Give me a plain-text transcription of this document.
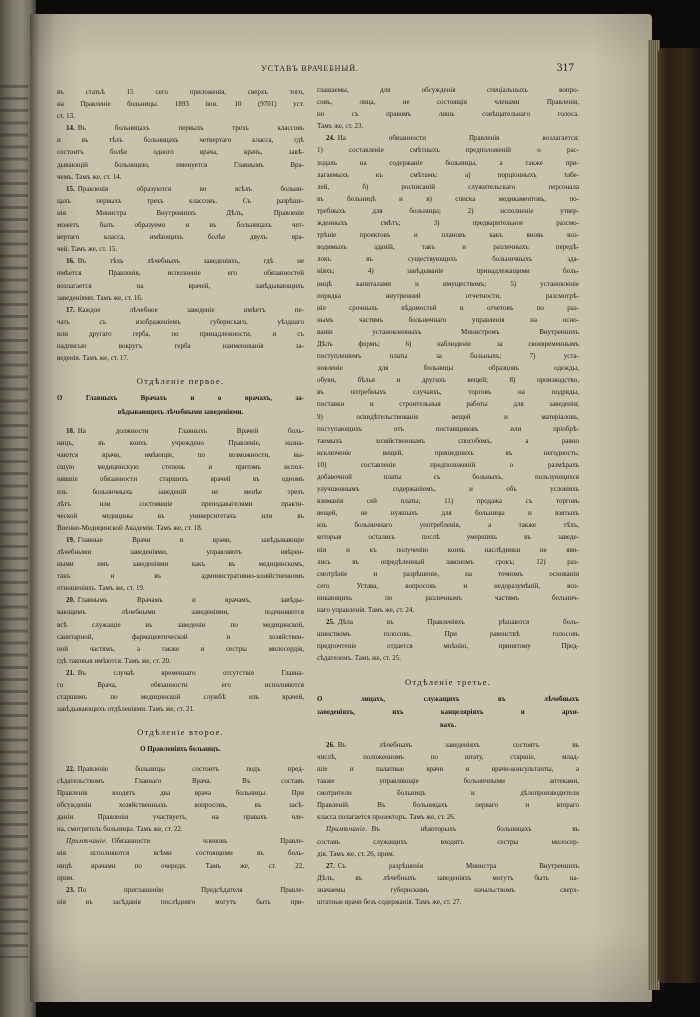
УСТАВЪ ВРАЧЕБНЫЙ.	317
въ статьѣ 15 сего приложенія, сверхъ того,
на Правленіе больницы. 1893 іюн. 10 (9701) уст.
ст. 13.
14. Въ больницахъ первыхъ трехъ классовъ
и въ тѣхъ больницахъ четвертаго класса, гдѣ
состоитъ болѣе одного врача, врачъ, завѣ-
дывающій больницею, именуется Главнымъ Вра-
чемъ. Тамъ же, ст. 14.
15. Правленія образуются во всѣхъ больни-
цахъ первыхъ трехъ классовъ. Съ разрѣше-
нія Министра Внутреннихъ Дѣлъ, Правленіе
можетъ быть образуемо и въ больницахъ чет-
вертаго класса, имѣющихъ болѣе двухъ вра-
чей. Тамъ же, ст. 15.
16. Въ тѣхъ лѣчебныхъ заведеніяхъ, гдѣ не
имѣется Правленія, исполненіе его обязанностей
возлагается на врачей, завѣдывающихъ
заведеніями. Тамъ же, ст. 16.
17. Каждое лѣчебное заведеніе имѣетъ пе-
чать съ изображеніемъ губернскаго, уѣзднаго
или другаго герба, по принадлежности, и съ
надписью вокругъ герба наименованія за-
веденія. Тамъ же, ст. 17.
Отдѣленіе первое.
О Главныхъ Врачахъ и о врачахъ, за-
вѣдывающихъ лѣчебными заведеніями.
18. На должности Главныхъ Врачей боль-
ницъ, въ коихъ учреждено Правленіе, назна-
чаются врачи, имѣющіе, по возможности, вы-
сшую медицинскую степень и притомъ испол-
нявшіе обязанности старшихъ врачей въ одномъ
изъ больничныхъ заведеній не менѣе трехъ
лѣтъ или состоявшіе преподавателями практи-
ческой медицины въ университетахъ или въ
Военно-Медицинской Академіи. Тамъ же, ст. 18.
19. Главные Врачи и врачи, завѣдывающіе
лѣчебными заведеніями, управляютъ ввѣрен-
ными имъ заведеніями какъ въ медицинскомъ,
такъ и въ административно-хозяйственномъ
отношеніяхъ. Тамъ же, ст. 19.
20. Главнымъ Врачамъ и врачамъ, завѣды-
вающимъ лѣчебными заведеніями, подчиняются
всѣ служащіе въ заведеніи по медицинской,
санитарной, фармацевтической и хозяйствен-
ной частямъ, а также и сестры милосердія,
гдѣ таковыя имѣются. Тамъ же, ст. 20.
21. Въ случаѣ временнаго отсутствія Главна-
го Врача, обязанности его исполняются
старшимъ по медицинской службѣ изъ врачей,
завѣдывающихъ отдѣленіями. Тамъ же, ст. 21.
Отдѣленіе второе.
О Правленіяхъ больницъ.
22. Правленіе больницы состоитъ подъ пред-
сѣдательствомъ Главнаго Врача. Въ составъ
Правленія входятъ два врача больницы. При
обсужденіи хозяйственныхъ вопросовъ, въ засѣ-
даніи Правленія участвуетъ, на правахъ чле-
на, смотритель больницы. Тамъ же, ст. 22.
Примѣчаніе. Обязанности членовъ Правле-
нія исполняются всѣми состоящими въ боль-
ницѣ врачами по очереди. Тамъ же, ст. 22,
прим.
23. По приглашенію Предсѣдателя Правле-
нія въ засѣданія послѣдняго могутъ быть при-
глашаемы, для обсужденія спеціальныхъ вопро-
совъ, лица, не состоящія членами Правленія,
но съ правомъ лишь совѣщательнаго голоса.
Тамъ же, ст. 23.
24. На обязанности Правленія возлагается:
1) составленіе смѣтныхъ предположеній о рас-
ходахъ на содержаніе больницы, а также при-
лагаемыхъ къ смѣтамъ: а) порціонныхъ табе-
лей, б) росписаній служительскаго персонала
въ больницѣ и в) списка медикаментовъ, по-
требныхъ для больницы; 2) исполненіе утвер-
жденныхъ смѣтъ; 3) предварительное разсмо-
трѣніе проектовъ и плановъ какъ вновь воз-
водимыхъ зданій, такъ и различныхъ передѣ-
локъ въ существующихъ больничныхъ зда-
ніяхъ; 4) завѣдываніе принадлежащими боль-
ницѣ капиталами и имуществомъ; 5) установленіе
порядка внутренней отчетности, разсмотрѣ-
ніе срочныхъ вѣдомостей и отчетовъ по раз-
нымъ частямъ больничнаго управленія на осно-
ваніи установленныхъ Министромъ Внутреннихъ
Дѣлъ формъ; 6) наблюденіе за своевременнымъ
поступленіемъ платы за больныхъ; 7) уста-
новленіе для больницы образцовъ одежды,
обуви, бѣлья и другихъ вещей; 8) производство,
въ потребныхъ случаяхъ, торговъ на подряды,
поставки и строительныя работы для заведенія;
9) освидѣтельствованіе вещей и матеріаловъ,
поступающихъ отъ поставщиковъ или пріобрѣ-
таемыхъ хозяйственнымъ способомъ, а равно
исключеніе вещей, пришедшихъ въ негодность;
10) составленіе предположеній о размѣрахъ
добавочной платы съ больныхъ, пользующихся
улучшеннымъ содержаніемъ, и объ условіяхъ
взиманія сей платы; 11) продажа съ торговъ
вещей, не нужныхъ для больницы и взятыхъ
изъ больничнаго употребленія, а также тѣхъ,
которыя остались послѣ умершихъ въ заведе-
ніи и къ полученію коихъ наслѣдники не яви-
лись въ опредѣленный закономъ срокъ; 12) раз-
смотрѣніе и разрѣшеніе, на точномъ основаніи
сего Устава, вопросовъ и недоразумѣній, воз-
никающихъ по различнымъ частямъ больнич-
наго управленія. Тамъ же, ст. 24.
25. Дѣла въ Правленіяхъ рѣшаются боль-
шинствомъ голосовъ. При равенствѣ голосовъ
предпочтеніе отдается мнѣнію, принятому Пред-
сѣдателемъ. Тамъ же, ст. 25.
Отдѣленіе третье.
О лицахъ, служащихъ въ лѣчебныхъ
заведеніяхъ, ихъ канцеляріяхъ и архи-
вахъ.
26. Въ лѣчебныхъ заведеніяхъ состоятъ въ
числѣ, положенномъ по штату, старшіе, млад-
шіе и палатные врачи и врачи-консультанты, а
также управляющіе больничными аптеками,
смотрители больницъ и дѣлопроизводители
Правленій. Въ больницахъ перваго и втораго
класса полагается прозекторъ. Тамъ же, ст. 26.
Примѣчаніе. Въ нѣкоторыхъ больницахъ въ
составъ служащихъ входятъ сестры милосер-
дія. Тамъ же, ст. 26, прим.
27. Съ разрѣшенія Министра Внутреннихъ
Дѣлъ, въ лѣчебныхъ заведеніяхъ могутъ быть на-
значаемы губернскимъ начальствомъ сверх-
штатные врачи безъ содержанія. Тамъ же, ст. 27.
